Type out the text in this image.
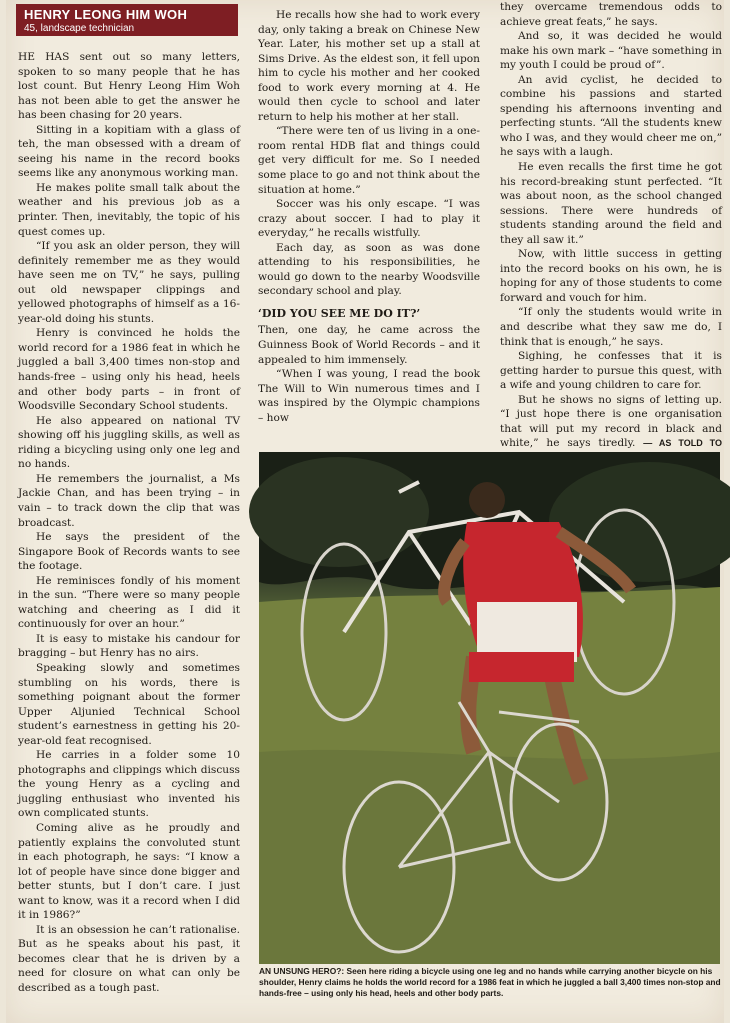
HENRY LEONG HIM WOH
45, landscape technician

HE HAS sent out so many letters, spoken to so many people that he has lost count. But Henry Leong Him Woh has not been able to get the answer he has been chasing for 20 years.

Sitting in a kopitiam with a glass of teh, the man obsessed with a dream of seeing his name in the record books seems like any anonymous working man.

He makes polite small talk about the weather and his previous job as a printer. Then, inevitably, the topic of his quest comes up.

“If you ask an older person, they will definitely remember me as they would have seen me on TV,” he says, pulling out old newspaper clippings and yellowed photographs of himself as a 16-year-old doing his stunts.

Henry is convinced he holds the world record for a 1986 feat in which he juggled a ball 3,400 times non-stop and hands-free – using only his head, heels and other body parts – in front of Woodsville Secondary School students.

He also appeared on national TV showing off his juggling skills, as well as riding a bicycling using only one leg and no hands.

He remembers the journalist, a Ms Jackie Chan, and has been trying – in vain – to track down the clip that was broadcast.

He says the president of the Singapore Book of Records wants to see the footage.

He reminisces fondly of his moment in the sun. “There were so many people watching and cheering as I did it continuously for over an hour.”

It is easy to mistake his candour for bragging – but Henry has no airs.

Speaking slowly and sometimes stumbling on his words, there is something poignant about the former Upper Aljunied Technical School student’s earnestness in getting his 20-year-old feat recognised.

He carries in a folder some 10 photographs and clippings which discuss the young Henry as a cycling and juggling enthusiast who invented his own complicated stunts.

Coming alive as he proudly and patiently explains the convoluted stunt in each photograph, he says: “I know a lot of people have since done bigger and better stunts, but I don’t care. I just want to know, was it a record when I did it in 1986?”

It is an obsession he can’t rationalise. But as he speaks about his past, it becomes clear that he is driven by a need for closure on what can only be described as a tough past.

He recalls how she had to work every day, only taking a break on Chinese New Year. Later, his mother set up a stall at Sims Drive. As the eldest son, it fell upon him to cycle his mother and her cooked food to work every morning at 4. He would then cycle to school and later return to help his mother at her stall.

“There were ten of us living in a one-room rental HDB flat and things could get very difficult for me. So I needed some place to go and not think about the situation at home.”

Soccer was his only escape. “I was crazy about soccer. I had to play it everyday,” he recalls wistfully.

Each day, as soon as was done attending to his responsibilities, he would go down to the nearby Woodsville secondary school and play.

‘DID YOU SEE ME DO IT?’

Then, one day, he came across the Guinness Book of World Records – and it appealed to him immensely.

“When I was young, I read the book The Will to Win numerous times and I was inspired by the Olympic champions – how

they overcame tremendous odds to achieve great feats,” he says.

And so, it was decided he would make his own mark – “have something in my youth I could be proud of”.

An avid cyclist, he decided to combine his passions and started spending his afternoons inventing and perfecting stunts. “All the students knew who I was, and they would cheer me on,” he says with a laugh.

He even recalls the first time he got his record-breaking stunt perfected. “It was about noon, as the school changed sessions. There were hundreds of students standing around the field and they all saw it.”

Now, with little success in getting into the record books on his own, he is hoping for any of those students to come forward and vouch for him.

“If only the students would write in and describe what they saw me do, I think that is enough,” he says.

Sighing, he confesses that it is getting harder to pursue this quest, with a wife and young children to care for.

But he shows no signs of letting up. “I just hope there is one organisation that will put my record in black and white,” he says tiredly. — AS TOLD TO

AN UNSUNG HERO?: Seen here riding a bicycle using one leg and no hands while carrying another bicycle on his shoulder, Henry claims he holds the world record for a 1986 feat in which he juggled a ball 3,400 times non-stop and hands-free – using only his head, heels and other body parts.
